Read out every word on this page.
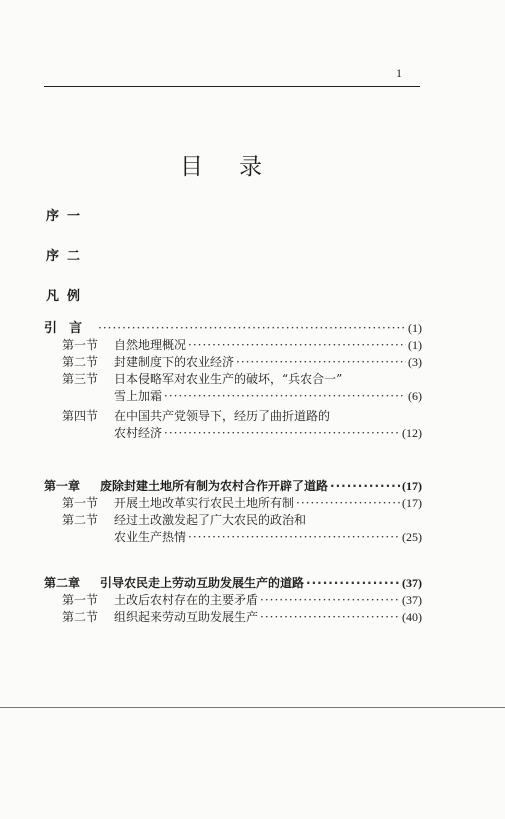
1
目录
序一
序二
凡例
引言 ·····	(1)
第一节	自然地理概况 ·····	(1)
第二节	封建制度下的农业经济 ·····	(3)
第三节	日本侵略军对农业生产的破坏，“兵农合一”
雪上加霜 ·····	(6)
第四节	在中国共产党领导下，经历了曲折道路的
农村经济 ·····	(12)
第一章	废除封建土地所有制为农村合作开辟了道路 ·····	(17)
第一节	开展土地改革实行农民土地所有制 ·····	(17)
第二节	经过土改激发起了广大农民的政治和
农业生产热情 ·····	(25)
第二章	引导农民走上劳动互助发展生产的道路 ·····	(37)
第一节	土改后农村存在的主要矛盾 ·····	(37)
第二节	组织起来劳动互助发展生产 ·····	(40)
